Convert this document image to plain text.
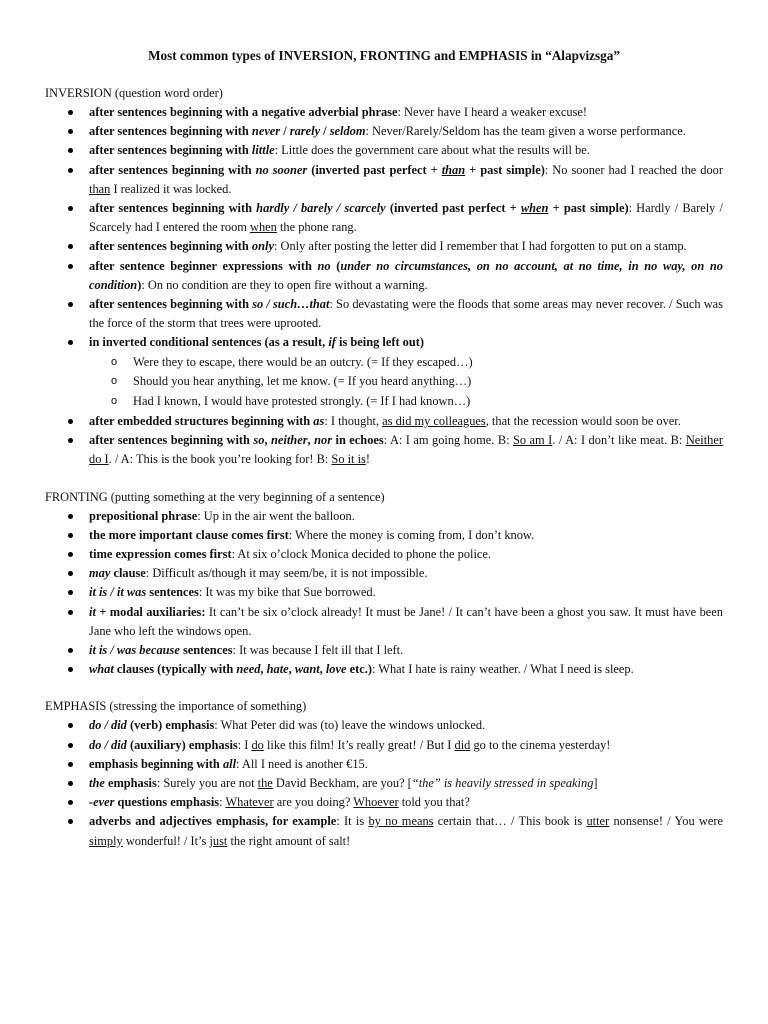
Most common types of INVERSION, FRONTING and EMPHASIS in “Alapvizsga”

INVERSION (question word order)

after sentences beginning with a negative adverbial phrase: Never have I heard a weaker excuse!
after sentences beginning with never / rarely / seldom: Never/Rarely/Seldom has the team given a worse performance.
after sentences beginning with little: Little does the government care about what the results will be.
after sentences beginning with no sooner (inverted past perfect + than + past simple): No sooner had I reached the door than I realized it was locked.
after sentences beginning with hardly / barely / scarcely (inverted past perfect + when + past simple): Hardly / Barely / Scarcely had I entered the room when the phone rang.
after sentences beginning with only: Only after posting the letter did I remember that I had forgotten to put on a stamp.
after sentence beginner expressions with no (under no circumstances, on no account, at no time, in no way, on no condition): On no condition are they to open fire without a warning.
after sentences beginning with so / such…that: So devastating were the floods that some areas may never recover. / Such was the force of the storm that trees were uprooted.
in inverted conditional sentences (as a result, if is being left out)
o Were they to escape, there would be an outcry. (= If they escaped…)
o Should you hear anything, let me know. (= If you heard anything…)
o Had I known, I would have protested strongly. (= If I had known…)
after embedded structures beginning with as: I thought, as did my colleagues, that the recession would soon be over.
after sentences beginning with so, neither, nor in echoes: A: I am going home. B: So am I. / A: I don’t like meat. B: Neither do I. / A: This is the book you’re looking for! B: So it is!

FRONTING (putting something at the very beginning of a sentence)

prepositional phrase: Up in the air went the balloon.
the more important clause comes first: Where the money is coming from, I don’t know.
time expression comes first: At six o’clock Monica decided to phone the police.
may clause: Difficult as/though it may seem/be, it is not impossible.
it is / it was sentences: It was my bike that Sue borrowed.
it + modal auxiliaries: It can’t be six o’clock already! It must be Jane! / It can’t have been a ghost you saw. It must have been Jane who left the windows open.
it is / was because sentences: It was because I felt ill that I left.
what clauses (typically with need, hate, want, love etc.): What I hate is rainy weather. / What I need is sleep.

EMPHASIS (stressing the importance of something)

do / did (verb) emphasis: What Peter did was (to) leave the windows unlocked.
do / did (auxiliary) emphasis: I do like this film! It’s really great! / But I did go to the cinema yesterday!
emphasis beginning with all: All I need is another €15.
the emphasis: Surely you are not the David Beckham, are you? [“the” is heavily stressed in speaking]
-ever questions emphasis: Whatever are you doing? Whoever told you that?
adverbs and adjectives emphasis, for example: It is by no means certain that… / This book is utter nonsense! / You were simply wonderful! / It’s just the right amount of salt!
